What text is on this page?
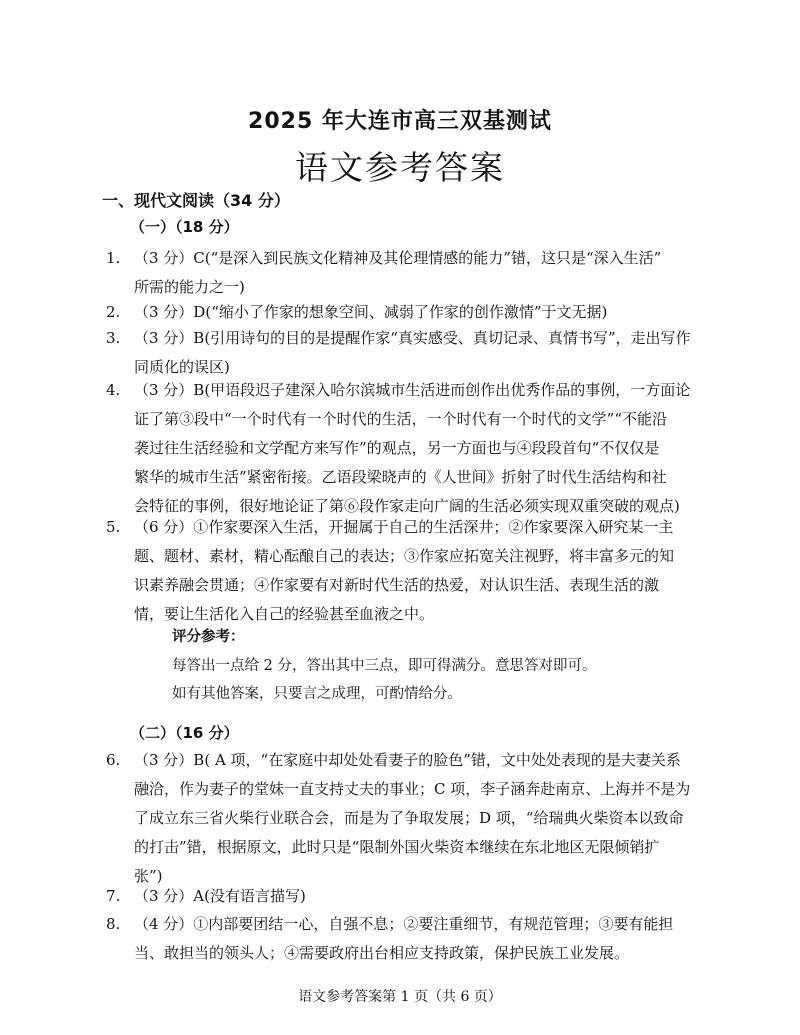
2025 年大连市高三双基测试
语文参考答案
一、现代文阅读（34 分）
（一）（18 分）
1. （3 分）C(“是深入到民族文化精神及其伦理情感的能力”错，这只是“深入生活”
所需的能力之一)
2. （3 分）D(“缩小了作家的想象空间、减弱了作家的创作激情”于文无据)
3. （3 分）B(引用诗句的目的是提醒作家“真实感受、真切记录、真情书写”，走出写作
同质化的误区)
4. （3 分）B(甲语段迟子建深入哈尔滨城市生活进而创作出优秀作品的事例，一方面论
证了第③段中“一个时代有一个时代的生活，一个时代有一个时代的文学”“不能沿
袭过往生活经验和文学配方来写作”的观点，另一方面也与④段段首句“不仅仅是
繁华的城市生活”紧密衔接。乙语段梁晓声的《人世间》折射了时代生活结构和社
会特征的事例，很好地论证了第⑥段作家走向广阔的生活必须实现双重突破的观点)
5. （6 分）①作家要深入生活，开掘属于自己的生活深井；②作家要深入研究某一主
题、题材、素材，精心酝酿自己的表达；③作家应拓宽关注视野，将丰富多元的知
识素养融会贯通；④作家要有对新时代生活的热爱，对认识生活、表现生活的激
情，要让生活化入自己的经验甚至血液之中。
评分参考：
每答出一点给 2 分，答出其中三点，即可得满分。意思答对即可。
如有其他答案，只要言之成理，可酌情给分。
（二）（16 分）
6. （3 分）B( A 项，“在家庭中却处处看妻子的脸色”错，文中处处表现的是夫妻关系
融洽，作为妻子的堂妹一直支持丈夫的事业；C 项，李子涵奔赴南京、上海并不是为
了成立东三省火柴行业联合会，而是为了争取发展；D 项，“给瑞典火柴资本以致命
的打击”错，根据原文，此时只是“限制外国火柴资本继续在东北地区无限倾销扩
张”)
7. （3 分）A(没有语言描写)
8. （4 分）①内部要团结一心，自强不息；②要注重细节，有规范管理；③要有能担
当、敢担当的领头人；④需要政府出台相应支持政策，保护民族工业发展。
语文参考答案第 1 页（共 6 页）
